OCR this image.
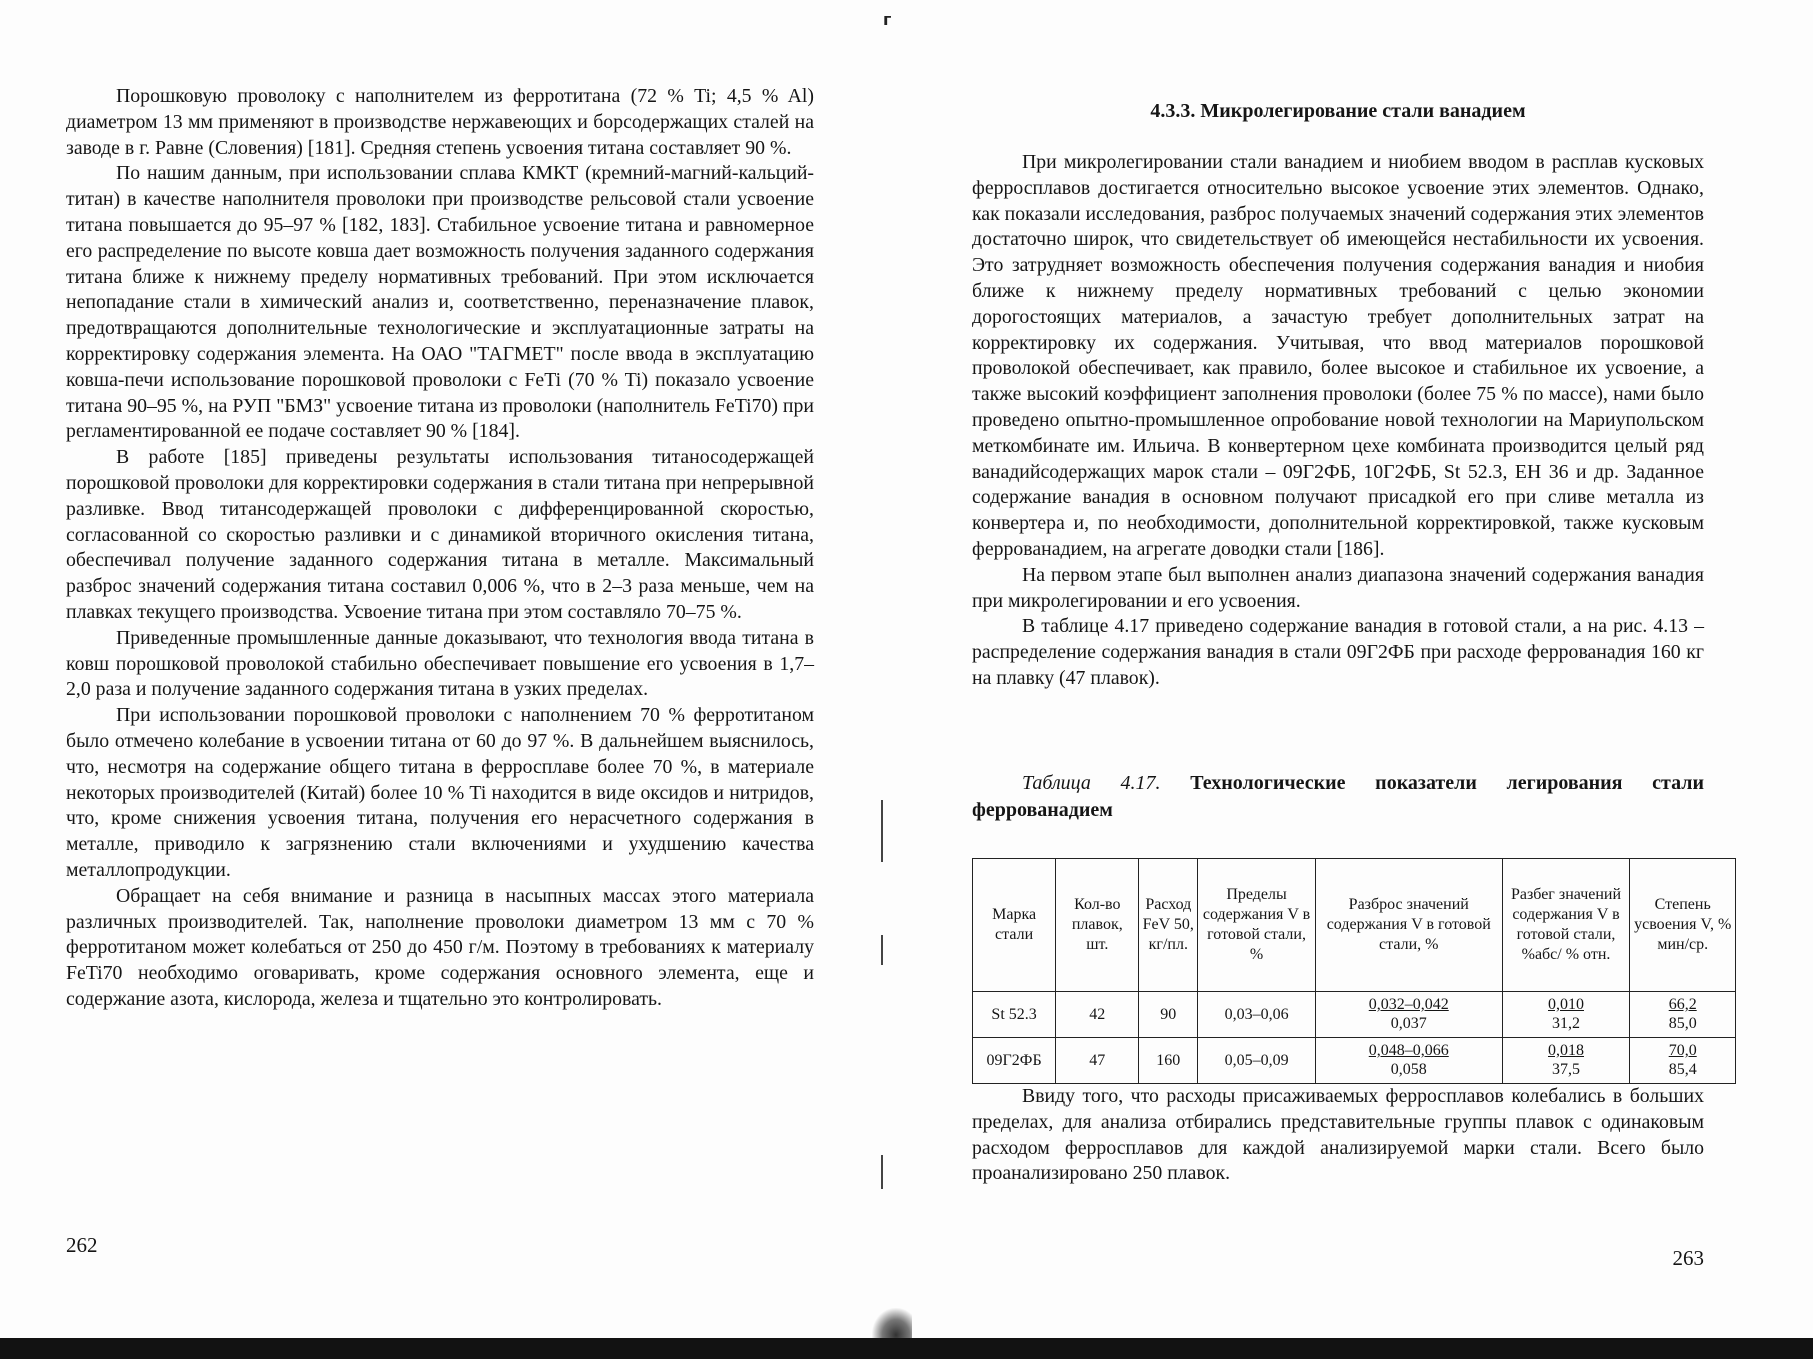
г

Порошковую проволоку с наполнителем из ферротитана (72 % Ti; 4,5 % Al) диаметром 13 мм применяют в производстве нержавеющих и борсодержащих сталей на заводе в г. Равне (Словения) [181]. Средняя степень усвоения титана составляет 90 %.

По нашим данным, при использовании сплава КМКТ (кремний-магний-кальций-титан) в качестве наполнителя проволоки при производстве рельсовой стали усвоение титана повышается до 95–97 % [182, 183]. Стабильное усвоение титана и равномерное его распределение по высоте ковша дает возможность получения заданного содержания титана ближе к нижнему пределу нормативных требований. При этом исключается непопадание стали в химический анализ и, соответственно, переназначение плавок, предотвращаются дополнительные технологические и эксплуатационные затраты на корректировку содержания элемента. На ОАО "ТАГМЕТ" после ввода в эксплуатацию ковша-печи использование порошковой проволоки с FeTi (70 % Ti) показало усвоение титана 90–95 %, на РУП "БМЗ" усвоение титана из проволоки (наполнитель FeTi70) при регламентированной ее подаче составляет 90 % [184].

В работе [185] приведены результаты использования титаносодержащей порошковой проволоки для корректировки содержания в стали титана при непрерывной разливке. Ввод титансодержащей проволоки с дифференцированной скоростью, согласованной со скоростью разливки и с динамикой вторичного окисления титана, обеспечивал получение заданного содержания титана в металле. Максимальный разброс значений содержания титана составил 0,006 %, что в 2–3 раза меньше, чем на плавках текущего производства. Усвоение титана при этом составляло 70–75 %.

Приведенные промышленные данные доказывают, что технология ввода титана в ковш порошковой проволокой стабильно обеспечивает повышение его усвоения в 1,7–2,0 раза и получение заданного содержания титана в узких пределах.

При использовании порошковой проволоки с наполнением 70 % ферротитаном было отмечено колебание в усвоении титана от 60 до 97 %. В дальнейшем выяснилось, что, несмотря на содержание общего титана в ферросплаве более 70 %, в материале некоторых производителей (Китай) более 10 % Ti находится в виде оксидов и нитридов, что, кроме снижения усвоения титана, получения его нерасчетного содержания в металле, приводило к загрязнению стали включениями и ухудшению качества металлопродукции.

Обращает на себя внимание и разница в насыпных массах этого материала различных производителей. Так, наполнение проволоки диаметром 13 мм с 70 % ферротитаном может колебаться от 250 до 450 г/м. Поэтому в требованиях к материалу FeTi70 необходимо оговаривать, кроме содержания основного элемента, еще и содержание азота, кислорода, железа и тщательно это контролировать.

262
4.3.3. Микролегирование стали ванадием

При микролегировании стали ванадием и ниобием вводом в расплав кусковых ферросплавов достигается относительно высокое усвоение этих элементов. Однако, как показали исследования, разброс получаемых значений содержания этих элементов достаточно широк, что свидетельствует об имеющейся нестабильности их усвоения. Это затрудняет возможность обеспечения получения содержания ванадия и ниобия ближе к нижнему пределу нормативных требований с целью экономии дорогостоящих материалов, а зачастую требует дополнительных затрат на корректировку их содержания. Учитывая, что ввод материалов порошковой проволокой обеспечивает, как правило, более высокое и стабильное их усвоение, а также высокий коэффициент заполнения проволоки (более 75 % по массе), нами было проведено опытно-промышленное опробование новой технологии на Мариупольском меткомбинате им. Ильича. В конвертерном цехе комбината производится целый ряд ванадийсодержащих марок стали – 09Г2ФБ, 10Г2ФБ, St 52.3, EH 36 и др. Заданное содержание ванадия в основном получают присадкой его при сливе металла из конвертера и, по необходимости, дополнительной корректировкой, также кусковым феррованадием, на агрегате доводки стали [186].

На первом этапе был выполнен анализ диапазона значений содержания ванадия при микролегировании и его усвоения.

В таблице 4.17 приведено содержание ванадия в готовой стали, а на рис. 4.13 – распределение содержания ванадия в стали 09Г2ФБ при расходе феррованадия 160 кг на плавку (47 плавок).

Таблица 4.17. Технологические показатели легирования стали феррованадием

Марка стали	Кол-во плавок, шт.	Расход FeV 50, кг/пл.	Пределы содержания V в готовой стали, %	Разброс значений содержания V в готовой стали, %	Разбег значений содержания V в готовой стали, %абс/ % отн.	Степень усвоения V, % мин/ср.
St 52.3	42	90	0,03–0,06	$\frac{0,032-0,042}{0,037}$	$\frac{0,010}{31,2}$	$\frac{66,2}{85,0}$

09Г2ФБ	47	160	0,05–0,09	$\frac{0,048-0,066}{0,058}$	$\frac{0,018}{37,5}$	$\frac{70,0}{85,4}$

Ввиду того, что расходы присаживаемых ферросплавов колебались в больших пределах, для анализа отбирались представительные группы плавок с одинаковым расходом ферросплавов для каждой анализируемой марки стали. Всего было проанализировано 250 плавок.

263
